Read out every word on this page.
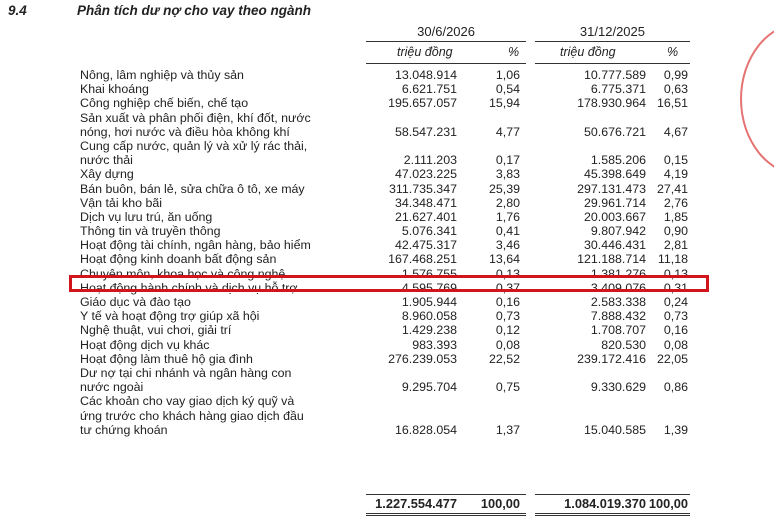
9.4	Phân tích dư nợ cho vay theo ngành
30/6/2026	31/12/2025
triệu đồng	%	triệu đồng	%
Nông, lâm nghiệp và thủy sản	13.048.914	1,06	10.777.589	0,99
Khai khoáng	6.621.751	0,54	6.775.371	0,63
Công nghiệp chế biến, chế tạo	195.657.057	15,94	178.930.964 16,51
Sản xuất và phân phối điện, khí đốt, nước
nóng, hơi nước và điều hòa không khí	58.547.231	4,77	50.676.721	4,67
Cung cấp nước, quản lý và xử lý rác thải,
nước thải	2.111.203	0,17	1.585.206	0,15
Xây dựng	47.023.225	3,83	45.398.649	4,19
Bán buôn, bán lẻ, sửa chữa ô tô, xe máy	311.735.347	25,39	297.131.473 27,41
Vận tải kho bãi	34.348.471	2,80	29.961.714	2,76
Dịch vụ lưu trú, ăn uống	21.627.401	1,76	20.003.667	1,85
Thông tin và truyền thông	5.076.341	0,41	9.807.942	0,90
Hoạt động tài chính, ngân hàng, bảo hiểm	42.475.317	3,46	30.446.431	2,81
Hoạt động kinh doanh bất động sản	167.468.251	13,64	121.188.714 11,18
Chuyên môn, khoa học và công nghệ	1.576.755	0,13	1.381.276	0,13
Hoạt động hành chính và dịch vụ hỗ trợ	4.595.769	0,37	3.409.076	0,31
Giáo dục và đào tạo	1.905.944	0,16	2.583.338	0,24
Y tế và hoạt động trợ giúp xã hội	8.960.058	0,73	7.888.432	0,73
Nghệ thuật, vui chơi, giải trí	1.429.238	0,12	1.708.707	0,16
Hoạt động dịch vụ khác	983.393	0,08	820.530	0,08
Hoạt động làm thuê hộ gia đình	276.239.053	22,52	239.172.416 22,05
Dư nợ tại chi nhánh và ngân hàng con
nước ngoài	9.295.704	0,75	9.330.629	0,86
Các khoản cho vay giao dịch ký quỹ và
ứng trước cho khách hàng giao dịch đầu
tư chứng khoán	16.828.054	1,37	15.040.585	1,39
1.227.554.477	100,00	1.084.019.370 100,00
